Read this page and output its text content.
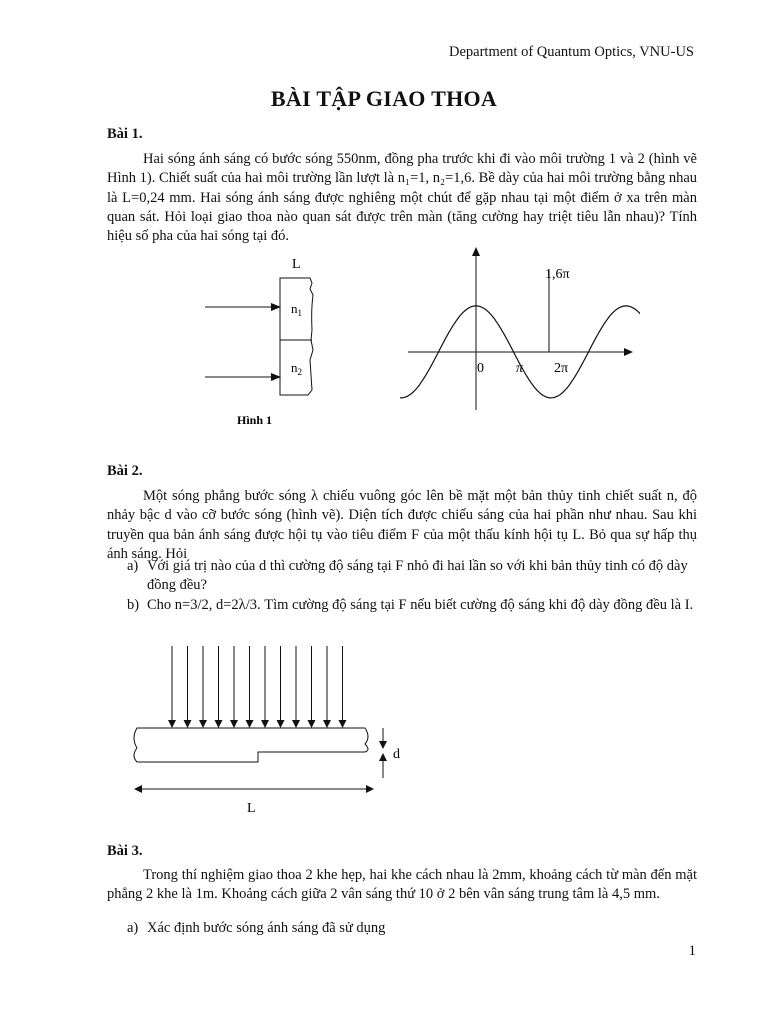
Department of Quantum Optics, VNU-US
BÀI TẬP GIAO THOA
Bài 1.
Hai sóng ánh sáng có bước sóng 550nm, đồng pha trước khi đi vào môi trường 1 và 2 (hình vẽ Hình 1). Chiết suất của hai môi trường lần lượt là n₁=1, n₂=1,6. Bề dày của hai môi trường bằng nhau là L=0,24 mm. Hai sóng ánh sáng được nghiêng một chút để gặp nhau tại một điểm ở xa trên màn quan sát. Hỏi loại giao thoa nào quan sát được trên màn (tăng cường hay triệt tiêu lẫn nhau)? Tính hiệu số pha của hai sóng tại đó.
L
$n_1$
$n_2$
Hình 1
1,6π
0 π 2π
Bài 2.
Một sóng phẳng bước sóng λ chiếu vuông góc lên bề mặt một bản thủy tinh chiết suất n, độ nhảy bậc d vào cỡ bước sóng (hình vẽ). Diện tích được chiếu sáng của hai phần như nhau. Sau khi truyền qua bản ánh sáng được hội tụ vào tiêu điểm F của một thấu kính hội tụ L. Bỏ qua sự hấp thụ ánh sáng. Hỏi
a) Với giá trị nào của d thì cường độ sáng tại F nhỏ đi hai lần so với khi bản thủy tinh có độ dày đồng đều?
b) Cho n=3/2, d=2λ/3. Tìm cường độ sáng tại F nếu biết cường độ sáng khi độ dày đồng đều là I.
d
L
Bài 3.
Trong thí nghiệm giao thoa 2 khe hẹp, hai khe cách nhau là 2mm, khoảng cách từ màn đến mặt phẳng 2 khe là 1m. Khoảng cách giữa 2 vân sáng thứ 10 ở 2 bên vân sáng trung tâm là 4,5 mm.
a) Xác định bước sóng ánh sáng đã sử dụng
1
